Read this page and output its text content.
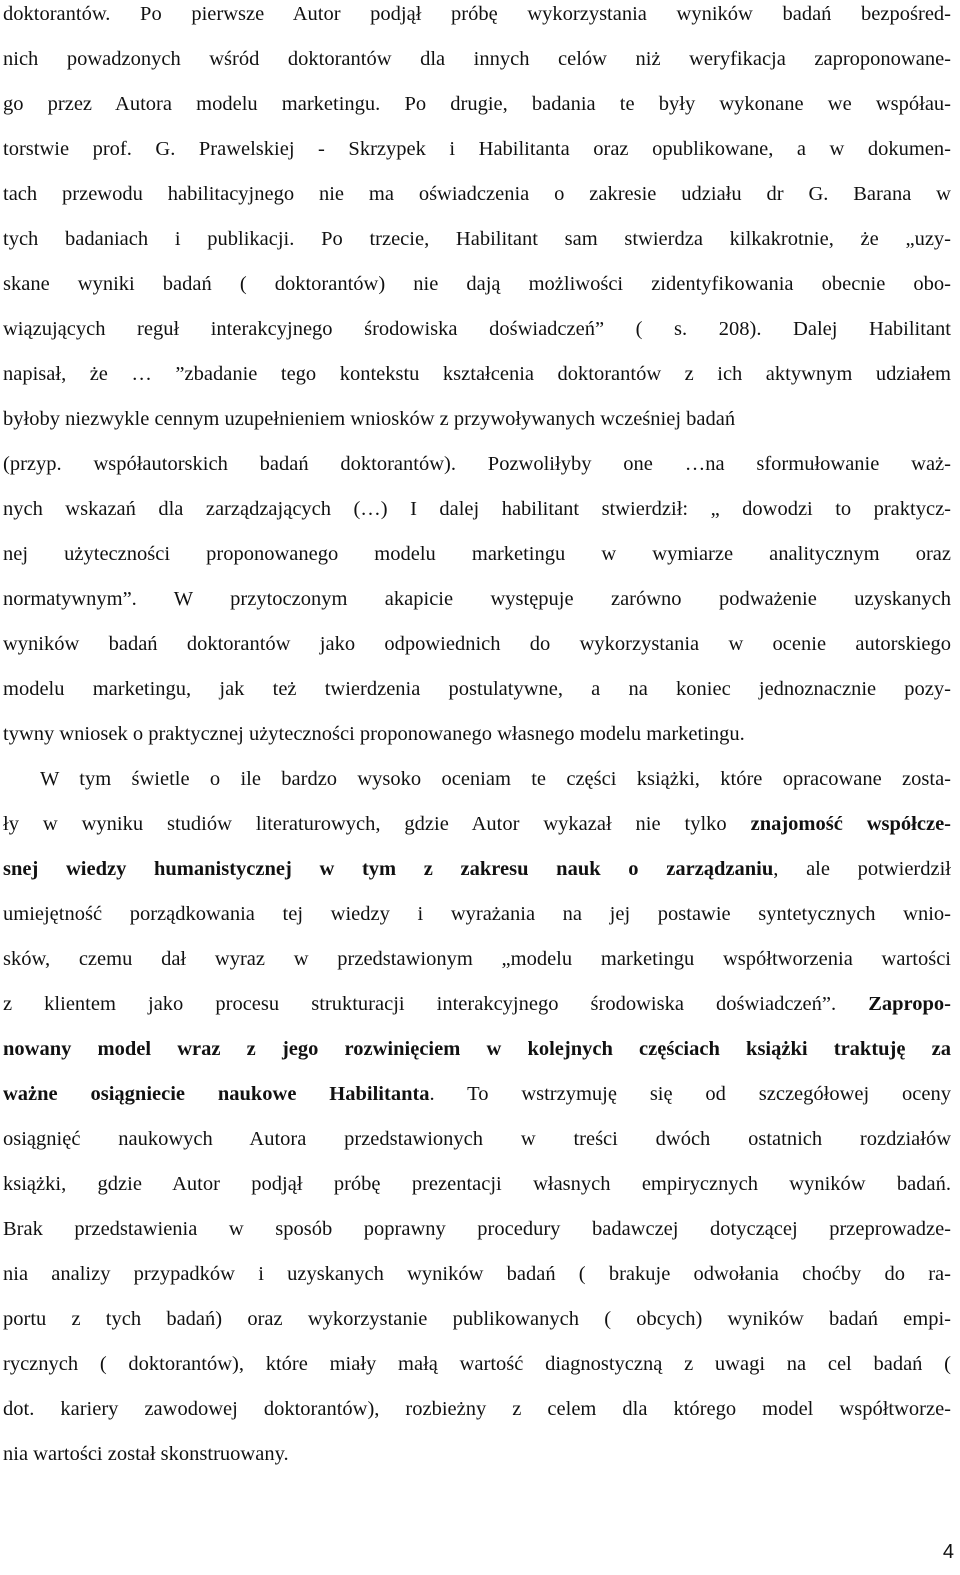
doktorantów. Po pierwsze Autor podjął próbę wykorzystania wyników badań bezpośred-
nich powadzonych wśród doktorantów dla innych celów niż weryfikacja zaproponowane-
go przez Autora modelu marketingu. Po drugie, badania te były wykonane we współau-
torstwie prof. G. Prawelskiej - Skrzypek i Habilitanta oraz opublikowane, a w dokumen-
tach przewodu habilitacyjnego nie ma oświadczenia o zakresie udziału dr G. Barana w
tych badaniach i publikacji. Po trzecie, Habilitant sam stwierdza kilkakrotnie, że „uzy-
skane wyniki badań ( doktorantów) nie dają możliwości zidentyfikowania obecnie obo-
wiązujących reguł interakcyjnego środowiska doświadczeń” ( s. 208). Dalej Habilitant
napisał, że … ”zbadanie tego kontekstu kształcenia doktorantów z ich aktywnym udziałem
byłoby niezwykle cennym uzupełnieniem wniosków z przywoływanych wcześniej badań
(przyp. współautorskich badań doktorantów). Pozwoliłyby one …na sformułowanie waż-
nych wskazań dla zarządzających (…) I dalej habilitant stwierdził: „ dowodzi to praktycz-
nej użyteczności proponowanego modelu marketingu w wymiarze analitycznym oraz
normatywnym”. W przytoczonym akapicie występuje zarówno podważenie uzyskanych
wyników badań doktorantów jako odpowiednich do wykorzystania w ocenie autorskiego
modelu marketingu, jak też twierdzenia postulatywne, a na koniec jednoznacznie pozy-
tywny wniosek o praktycznej użyteczności proponowanego własnego modelu marketingu.
W tym świetle o ile bardzo wysoko oceniam te części książki, które opracowane zosta-
ły w wyniku studiów literaturowych, gdzie Autor wykazał nie tylko znajomość współcze-
snej wiedzy humanistycznej w tym z zakresu nauk o zarządzaniu, ale potwierdził
umiejętność porządkowania tej wiedzy i wyrażania na jej postawie syntetycznych wnio-
sków, czemu dał wyraz w przedstawionym „modelu marketingu współtworzenia wartości
z klientem jako procesu strukturacji interakcyjnego środowiska doświadczeń”. Zapropo-
nowany model wraz z jego rozwinięciem w kolejnych częściach książki traktuję za
ważne osiągniecie naukowe Habilitanta. To wstrzymuję się od szczegółowej oceny
osiągnięć naukowych Autora przedstawionych w treści dwóch ostatnich rozdziałów
książki, gdzie Autor podjął próbę prezentacji własnych empirycznych wyników badań.
Brak przedstawienia w sposób poprawny procedury badawczej dotyczącej przeprowadze-
nia analizy przypadków i uzyskanych wyników badań ( brakuje odwołania choćby do ra-
portu z tych badań) oraz wykorzystanie publikowanych ( obcych) wyników badań empi-
rycznych ( doktorantów), które miały małą wartość diagnostyczną z uwagi na cel badań (
dot. kariery zawodowej doktorantów), rozbieżny z celem dla którego model współtworze-
nia wartości został skonstruowany.
4
